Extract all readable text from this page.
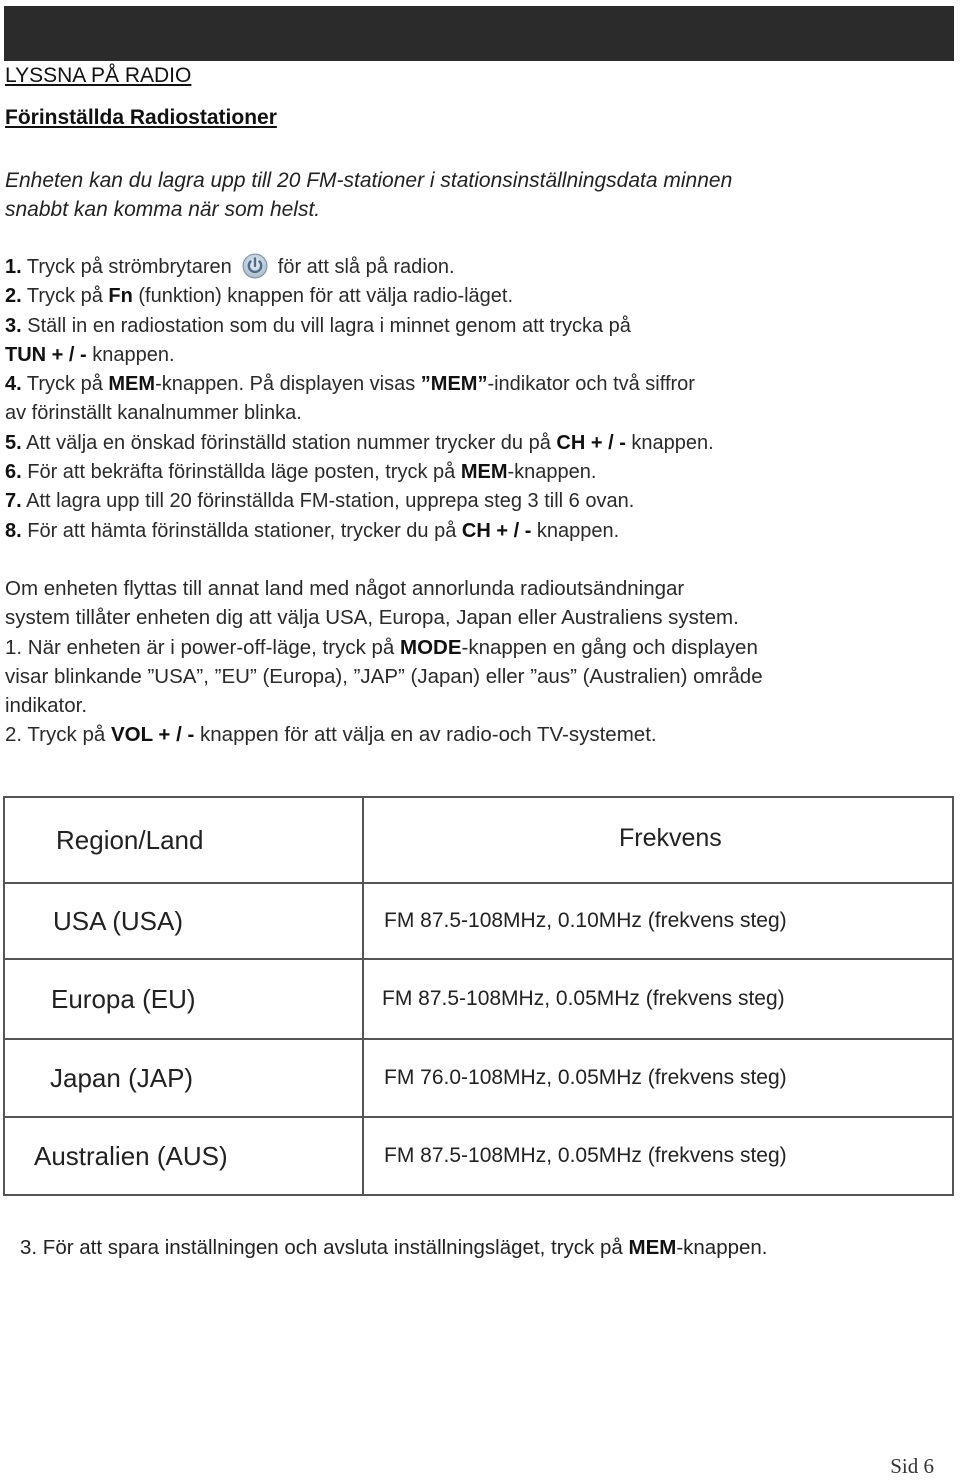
LYSSNA PÅ RADIO
Förinställda Radiostationer
Enheten kan du lagra upp till 20 FM-stationer i stationsinställningsdata minnen
snabbt kan komma när som helst.
1. Tryck på strömbrytaren för att slå på radion.
2. Tryck på Fn (funktion) knappen för att välja radio-läget.
3. Ställ in en radiostation som du vill lagra i minnet genom att trycka på
TUN + / - knappen.
4. Tryck på MEM-knappen. På displayen visas ”MEM”-indikator och två siffror
av förinställt kanalnummer blinka.
5. Att välja en önskad förinställd station nummer trycker du på CH + / - knappen.
6. För att bekräfta förinställda läge posten, tryck på MEM-knappen.
7. Att lagra upp till 20 förinställda FM-station, upprepa steg 3 till 6 ovan.
8. För att hämta förinställda stationer, trycker du på CH + / - knappen.
Om enheten flyttas till annat land med något annorlunda radioutsändningar
system tillåter enheten dig att välja USA, Europa, Japan eller Australiens system.
1. När enheten är i power-off-läge, tryck på MODE-knappen en gång och displayen
visar blinkande ”USA”, ”EU” (Europa), ”JAP” (Japan) eller ”aus” (Australien) område
indikator.
2. Tryck på VOL + / - knappen för att välja en av radio-och TV-systemet.
Region/Land	Frekvens
USA (USA)	FM 87.5-108MHz, 0.10MHz (frekvens steg)
Europa (EU)	FM 87.5-108MHz, 0.05MHz (frekvens steg)
Japan (JAP)	FM 76.0-108MHz, 0.05MHz (frekvens steg)
Australien (AUS)	FM 87.5-108MHz, 0.05MHz (frekvens steg)
3. För att spara inställningen och avsluta inställningsläget, tryck på MEM-knappen.
Sid 6
